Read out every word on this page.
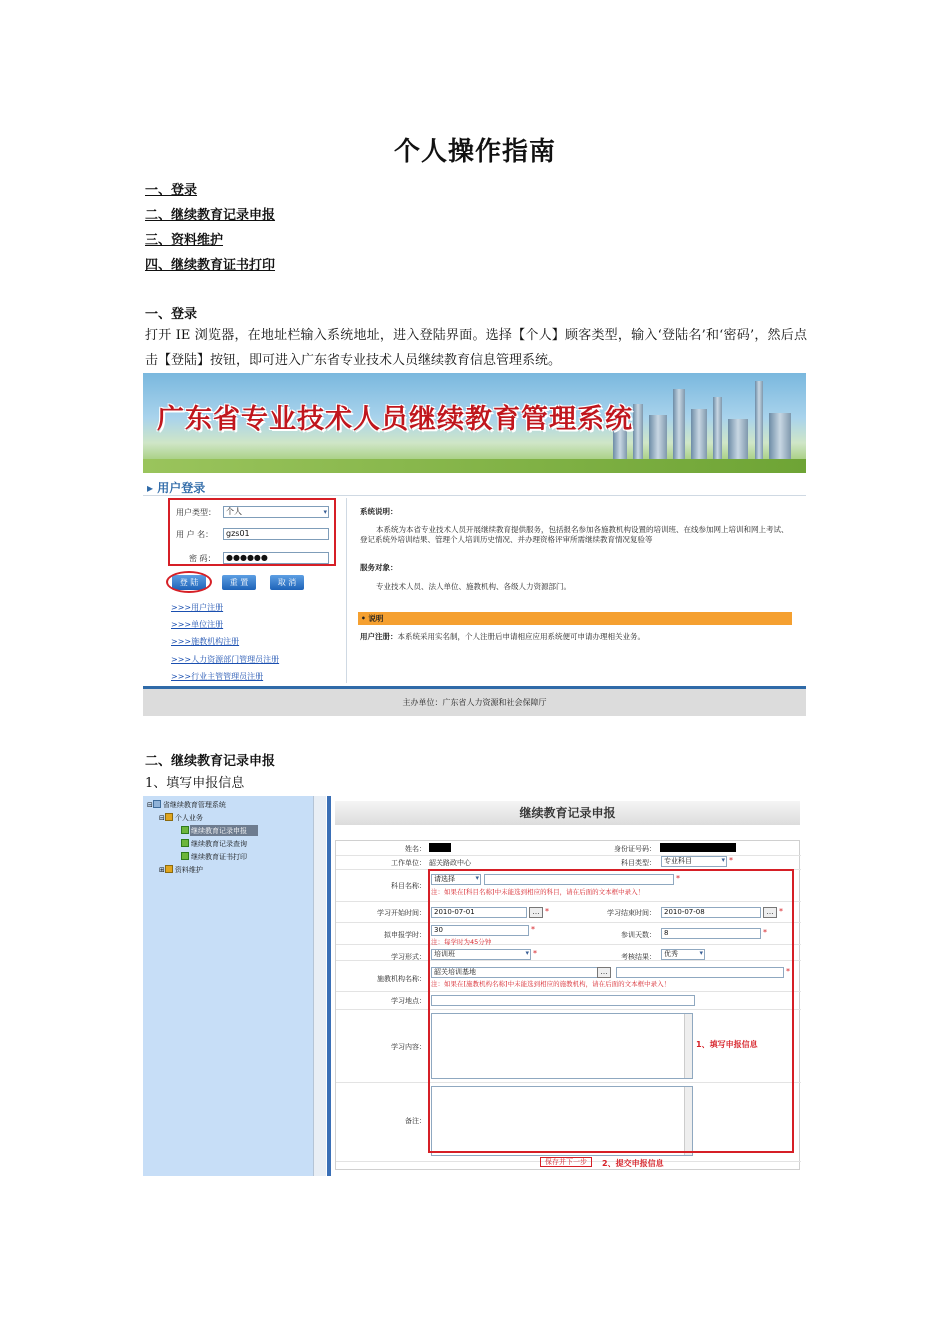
个人操作指南
一、登录
二、继续教育记录申报
三、资料维护
四、继续教育证书打印
一、登录
打开 IE 浏览器，在地址栏输入系统地址，进入登陆界面。选择【个人】顾客类型，输入‘登陆名’和‘密码’，然后点击【登陆】按钮，即可进入广东省专业技术人员继续教育信息管理系统。
广东省专业技术人员继续教育管理系统
▸ 用户登录
用户类型：	个人	▾
用 户 名：	gzs01
密 码：	●●●●●●
登 陆	重 置	取 消
>>>用户注册
>>>单位注册
>>>施教机构注册
>>>人力资源部门管理员注册
>>>行业主管管理员注册
系统说明：
本系统为本省专业技术人员开展继续教育提供服务，包括报名参加各施教机构设置的培训班、在线参加网上培训和网上考试、登记系统外培训结果、管理个人培训历史情况、并办理资格评审所需继续教育情况复验等
服务对象：
专业技术人员、法人单位、施教机构、各级人力资源部门。
• 说明
用户注册：本系统采用实名制，个人注册后申请相应应用系统便可申请办理相关业务。
主办单位：广东省人力资源和社会保障厅
二、继续教育记录申报
1、填写申报信息
⊟ 省继续教育管理系统
⊟ 个人业务
继续教育记录申报
继续教育记录查询
继续教育证书打印
⊞ 资料维护
继续教育记录申报
姓名：	身份证号码：
工作单位： 韶关路政中心	科目类型：	专业科目	▾ *
科目名称：
请选择	▾	*
注：如果在[科目名称]中未能选到相应的科目，请在后面的文本框中录入！
学习开始时间：	2010-07-01	… *	学习结束时间：	2010-07-08	… *
拟申报学时：
30	*
注：每学时为45分钟
参训天数：	8	*
学习形式：	培训班	▾ *	考核结果：	优秀	▾
施教机构名称：
韶关培训基地	…	*
注：如果在[施教机构名称]中未能选到相应的施教机构，请在后面的文本框中录入！
学习地点：
学习内容：
备注：
1、填写申报信息
保存并下一步	2、提交申报信息
